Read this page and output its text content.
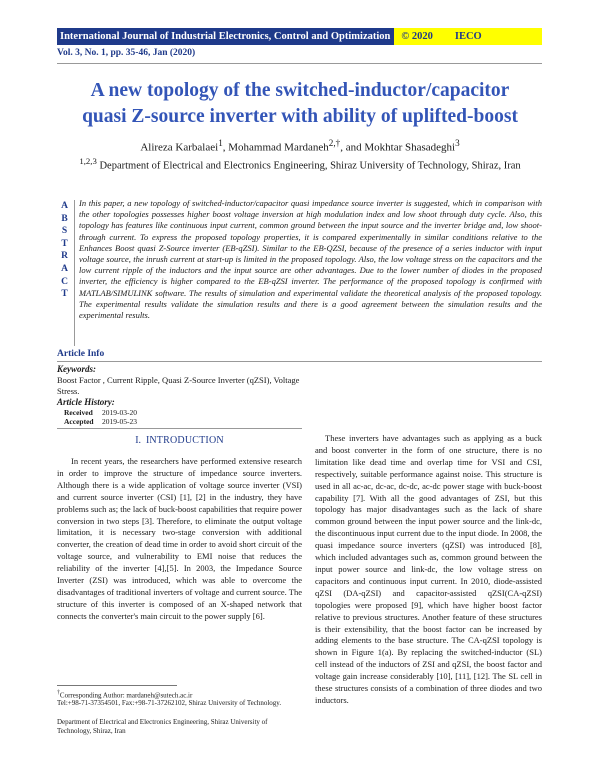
International Journal of Industrial Electronics, Control and Optimization	© 2020 IECO
Vol. 3, No. 1, pp. 35-46, Jan (2020)
A new topology of the switched-inductor/capacitor
quasi Z-source inverter with ability of uplifted-boost
Alireza Karbalaei$^1$, Mohammad Mardaneh$^{2,\dagger}$, and Mokhtar Shasadeghi$^3$
$^{1,2,3}$ Department of Electrical and Electronics Engineering, Shiraz University of Technology, Shiraz, Iran
A
B
S
T
R
A
C
T
In this paper, a new topology of switched-inductor/capacitor quasi impedance source inverter is suggested, which in comparison with the other topologies possesses higher boost voltage inversion at high modulation index and low shoot through duty cycle. Also, this topology has features like continuous input current, common ground between the input source and the inverter bridge and, low shoot-through current. To express the proposed topology properties, it is compared experimentally in similar conditions relative to the Enhances Boost quasi Z-Source inverter (EB-qZSI). Similar to the EB-QZSI, because of the presence of a series inductor with input voltage source, the inrush current at start-up is limited in the proposed topology. Also, the low voltage stress on the capacitors and the low current ripple of the inductors and the input source are other advantages. Due to the lower number of diodes in the proposed inverter, the efficiency is higher compared to the EB-qZSI inverter. The performance of the proposed topology is confirmed with MATLAB/SIMULINK software. The results of simulation and experimental validate the theoretical analysis of the proposed topology. The experimental results validate the simulation results and there is a good agreement between the simulation results and the experimental results.
Article Info
Keywords:
Boost Factor , Current Ripple, Quasi Z-Source Inverter (qZSI), Voltage Stress.
Article History:
Received 2019-03-20
Accepted 2019-05-23
I. INTRODUCTION
In recent years, the researchers have performed extensive research in order to improve the structure of impedance source inverters. Although there is a wide application of voltage source inverter (VSI) and current source inverter (CSI) [1], [2] in the industry, they have problems such as; the lack of buck-boost capabilities that require power conversion in two steps [3]. Therefore, to eliminate the output voltage limitation, it is necessary two-stage conversion with additional converter, the creation of dead time in order to avoid short circuit of the voltage source, and vulnerability to EMI noise that reduces the reliability of the inverter [4],[5]. In 2003, the Impedance Source Inverter (ZSI) was introduced, which was able to overcome the disadvantages of traditional inverters of voltage and current source. The structure of this inverter is composed of an X-shaped network that connects the converter's main circuit to the power supply [6].
These inverters have advantages such as applying as a buck and boost converter in the form of one structure, there is no limitation like dead time and overlap time for VSI and CSI, respectively, suitable performance against noise. This structure is used in all ac-ac, dc-ac, dc-dc, ac-dc power stage with buck-boost capability [7]. With all the good advantages of ZSI, but this topology has major disadvantages such as the lack of share common ground between the input power source and the link-dc, the discontinuous input current due to the input diode. In 2008, the quasi impedance source inverters (qZSI) was introduced [8], which included advantages such as, common ground between the input power source and link-dc, the low voltage stress on capacitors and continuous input current. In 2010, diode-assisted qZSI (DA-qZSI) and capacitor-assisted qZSI(CA-qZSI) topologies were proposed [9], which have higher boost factor relative to previous structures. Another feature of these structures is their extensibility, that the boost factor can be increased by adding elements to the base structure. The CA-qZSI topology is shown in Figure 1(a). By replacing the switched-inductor (SL) cell instead of the inductors of ZSI and qZSI, the boost factor and voltage gain increase considerably [10], [11], [12]. The SL cell in these structures consists of a combination of three diodes and two inductors.
†Corresponding Author: mardaneh@sutech.ac.ir
Tel:+98-71-37354501, Fax:+98-71-37262102, Shiraz University of Technology.
Department of Electrical and Electronics Engineering, Shiraz University of Technology, Shiraz, Iran
